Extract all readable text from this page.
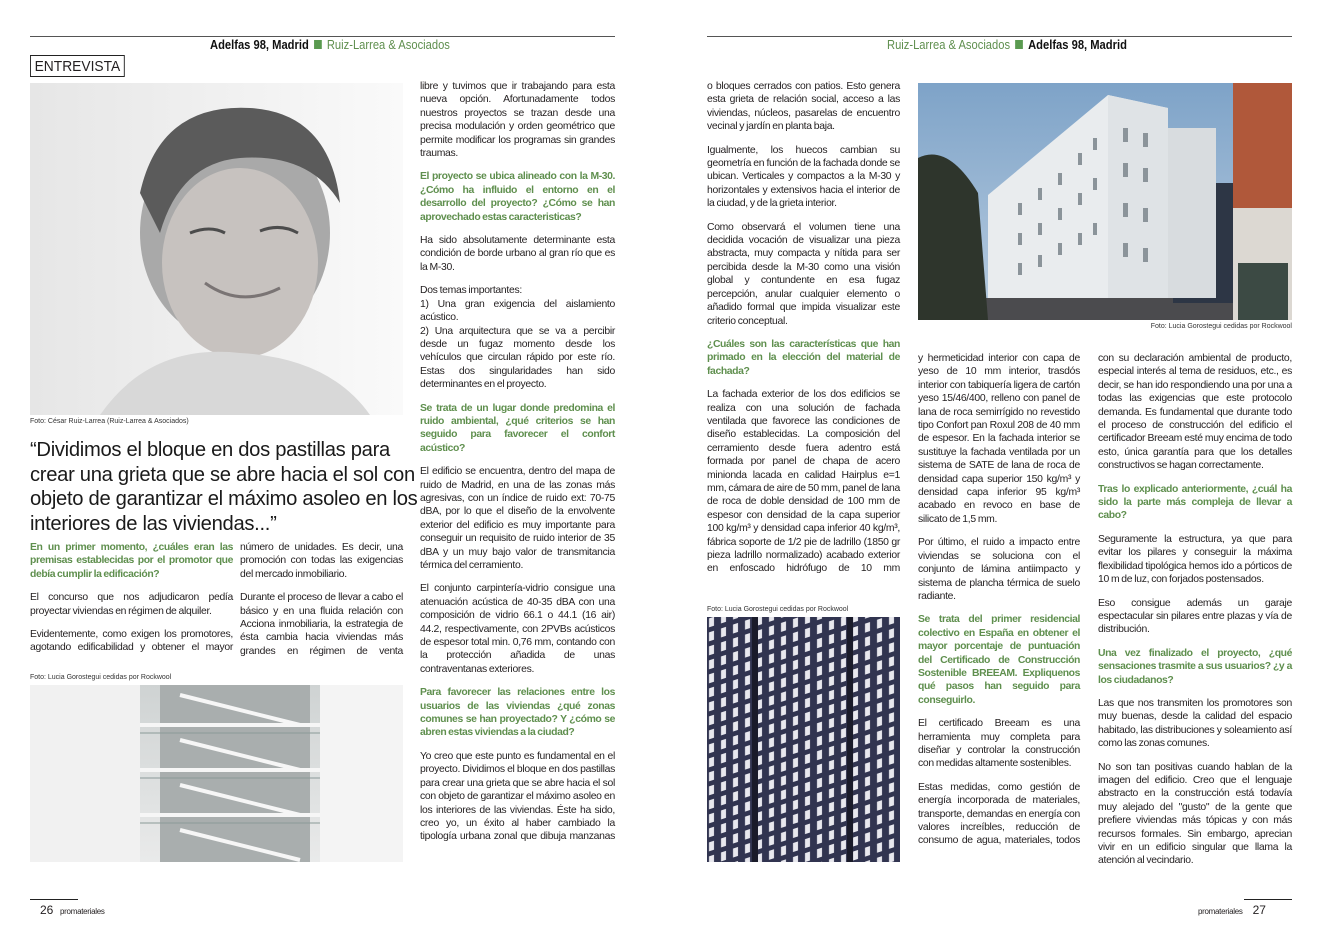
Adelfas 98, Madrid Ruiz-Larrea & Asociados
ENTREVISTA
Foto: César Ruiz-Larrea (Ruiz-Larrea & Asociados)
“Dividimos el bloque en dos pastillas para crear una grieta que se abre hacia el sol con objeto de garantizar el máximo asoleo en los interiores de las viviendas...”

En un primer momento, ¿cuáles eran las premisas establecidas por el promotor que debía cumplir la edificación?

El concurso que nos adjudicaron pedía proyectar viviendas en régimen de alquiler.

Evidentemente, como exigen los promotores, agotando edificabilidad y obtener el mayor

número de unidades. Es decir, una promoción con todas las exigencias del mercado inmobiliario.

Durante el proceso de llevar a cabo el básico y en una fluida relación con Acciona inmobiliaria, la estrategia de ésta cambia hacia viviendas más grandes en régimen de venta

Foto: Lucia Gorostegui cedidas por Rockwool

libre y tuvimos que ir trabajando para esta nueva opción. Afortunadamente todos nuestros proyectos se trazan desde una precisa modulación y orden geométrico que permite modificar los programas sin grandes traumas.

El proyecto se ubica alineado con la M-30. ¿Cómo ha influido el entorno en el desarrollo del proyecto? ¿Cómo se han aprovechado estas caracteristicas?

Ha sido absolutamente determinante esta condición de borde urbano al gran río que es la M-30.

Dos temas importantes:

1) Una gran exigencia del aislamiento acústico.

2) Una arquitectura que se va a percibir desde un fugaz momento desde los vehículos que circulan rápido por este río. Estas dos singularidades han sido determinantes en el proyecto.

Se trata de un lugar donde predomina el ruido ambiental, ¿qué criterios se han seguido para favorecer el confort acústico?

El edificio se encuentra, dentro del mapa de ruido de Madrid, en una de las zonas más agresivas, con un índice de ruido ext: 70-75 dBA, por lo que el diseño de la envolvente exterior del edificio es muy importante para conseguir un requisito de ruido interior de 35 dBA y un muy bajo valor de transmitancia térmica del cerramiento.

El conjunto carpintería-vidrio consigue una atenuación acústica de 40-35 dBA con una composición de vidrio 66.1 o 44.1 (16 air) 44.2, respectivamente, con 2PVBs acústicos de espesor total min. 0,76 mm, contando con la protección añadida de unas contraventanas exteriores.

Para favorecer las relaciones entre los usuarios de las viviendas ¿qué zonas comunes se han proyectado? Y ¿cómo se abren estas viviendas a la ciudad?

Yo creo que este punto es fundamental en el proyecto. Dividimos el bloque en dos pastillas para crear una grieta que se abre hacia el sol con objeto de garantizar el máximo asoleo en los interiores de las viviendas. Éste ha sido, creo yo, un éxito al haber cambiado la tipología urbana zonal que dibuja manzanas

26 promateriales
Ruiz-Larrea & Asociados Adelfas 98, Madrid

o bloques cerrados con patios. Esto genera esta grieta de relación social, acceso a las viviendas, núcleos, pasarelas de encuentro vecinal y jardín en planta baja.

Igualmente, los huecos cambian su geometría en función de la fachada donde se ubican. Verticales y compactos a la M-30 y horizontales y extensivos hacia el interior de la ciudad, y de la grieta interior.

Como observará el volumen tiene una decidida vocación de visualizar una pieza abstracta, muy compacta y nítida para ser percibida desde la M-30 como una visión global y contundente en esa fugaz percepción, anular cualquier elemento o añadido formal que impida visualizar este criterio conceptual.

¿Cuáles son las características que han primado en la elección del material de fachada?

La fachada exterior de los dos edificios se realiza con una solución de fachada ventilada que favorece las condiciones de diseño establecidas. La composición del cerramiento desde fuera adentro está formada por panel de chapa de acero minionda lacada en calidad Hairplus e=1 mm, cámara de aire de 50 mm, panel de lana de roca de doble densidad de 100 mm de espesor con densidad de la capa superior 100 kg/m³ y densidad capa inferior 40 kg/m³, fábrica soporte de 1/2 pie de ladrillo (1850 gr pieza ladrillo normalizado) acabado exterior en enfoscado hidrófugo de 10 mm

Foto: Lucia Gorostegui cedidas por Rockwool
Foto: Lucia Gorostegui cedidas por Rockwool

y hermeticidad interior con capa de yeso de 10 mm interior, trasdós interior con tabiquería ligera de cartón yeso 15/46/400, relleno con panel de lana de roca semirrígido no revestido tipo Confort pan Roxul 208 de 40 mm de espesor. En la fachada interior se sustituye la fachada ventilada por un sistema de SATE de lana de roca de densidad capa superior 150 kg/m³ y densidad capa inferior 95 kg/m³ acabado en revoco en base de silicato de 1,5 mm.

Por último, el ruido a impacto entre viviendas se soluciona con el conjunto de lámina antiimpacto y sistema de plancha térmica de suelo radiante.

Se trata del primer residencial colectivo en España en obtener el mayor porcentaje de puntuación del Certificado de Construcción Sostenible BREEAM. Expliquenos qué pasos han seguido para conseguirlo.

El certificado Breeam es una herramienta muy completa para diseñar y controlar la construcción con medidas altamente sostenibles.

Estas medidas, como gestión de energía incorporada de materiales, transporte, demandas en energía con valores increíbles, reducción de consumo de agua, materiales, todos

con su declaración ambiental de producto, especial interés al tema de residuos, etc., es decir, se han ido respondiendo una por una a todas las exigencias que este protocolo demanda. Es fundamental que durante todo el proceso de construcción del edificio el certificador Breeam esté muy encima de todo esto, única garantía para que los detalles constructivos se hagan correctamente.

Tras lo explicado anteriormente, ¿cuál ha sido la parte más compleja de llevar a cabo?

Seguramente la estructura, ya que para evitar los pilares y conseguir la máxima flexibilidad tipológica hemos ido a pórticos de 10 m de luz, con forjados postensados.

Eso consigue además un garaje espectacular sin pilares entre plazas y vía de distribución.

Una vez finalizado el proyecto, ¿qué sensaciones trasmite a sus usuarios? ¿y a los ciudadanos?

Las que nos transmiten los promotores son muy buenas, desde la calidad del espacio habitado, las distribuciones y soleamiento así como las zonas comunes.

No son tan positivas cuando hablan de la imagen del edificio. Creo que el lenguaje abstracto en la construcción está todavía muy alejado del "gusto" de la gente que prefiere viviendas más tópicas y con más recursos formales. Sin embargo, aprecian vivir en un edificio singular que llama la atención al vecindario.

promateriales 27
